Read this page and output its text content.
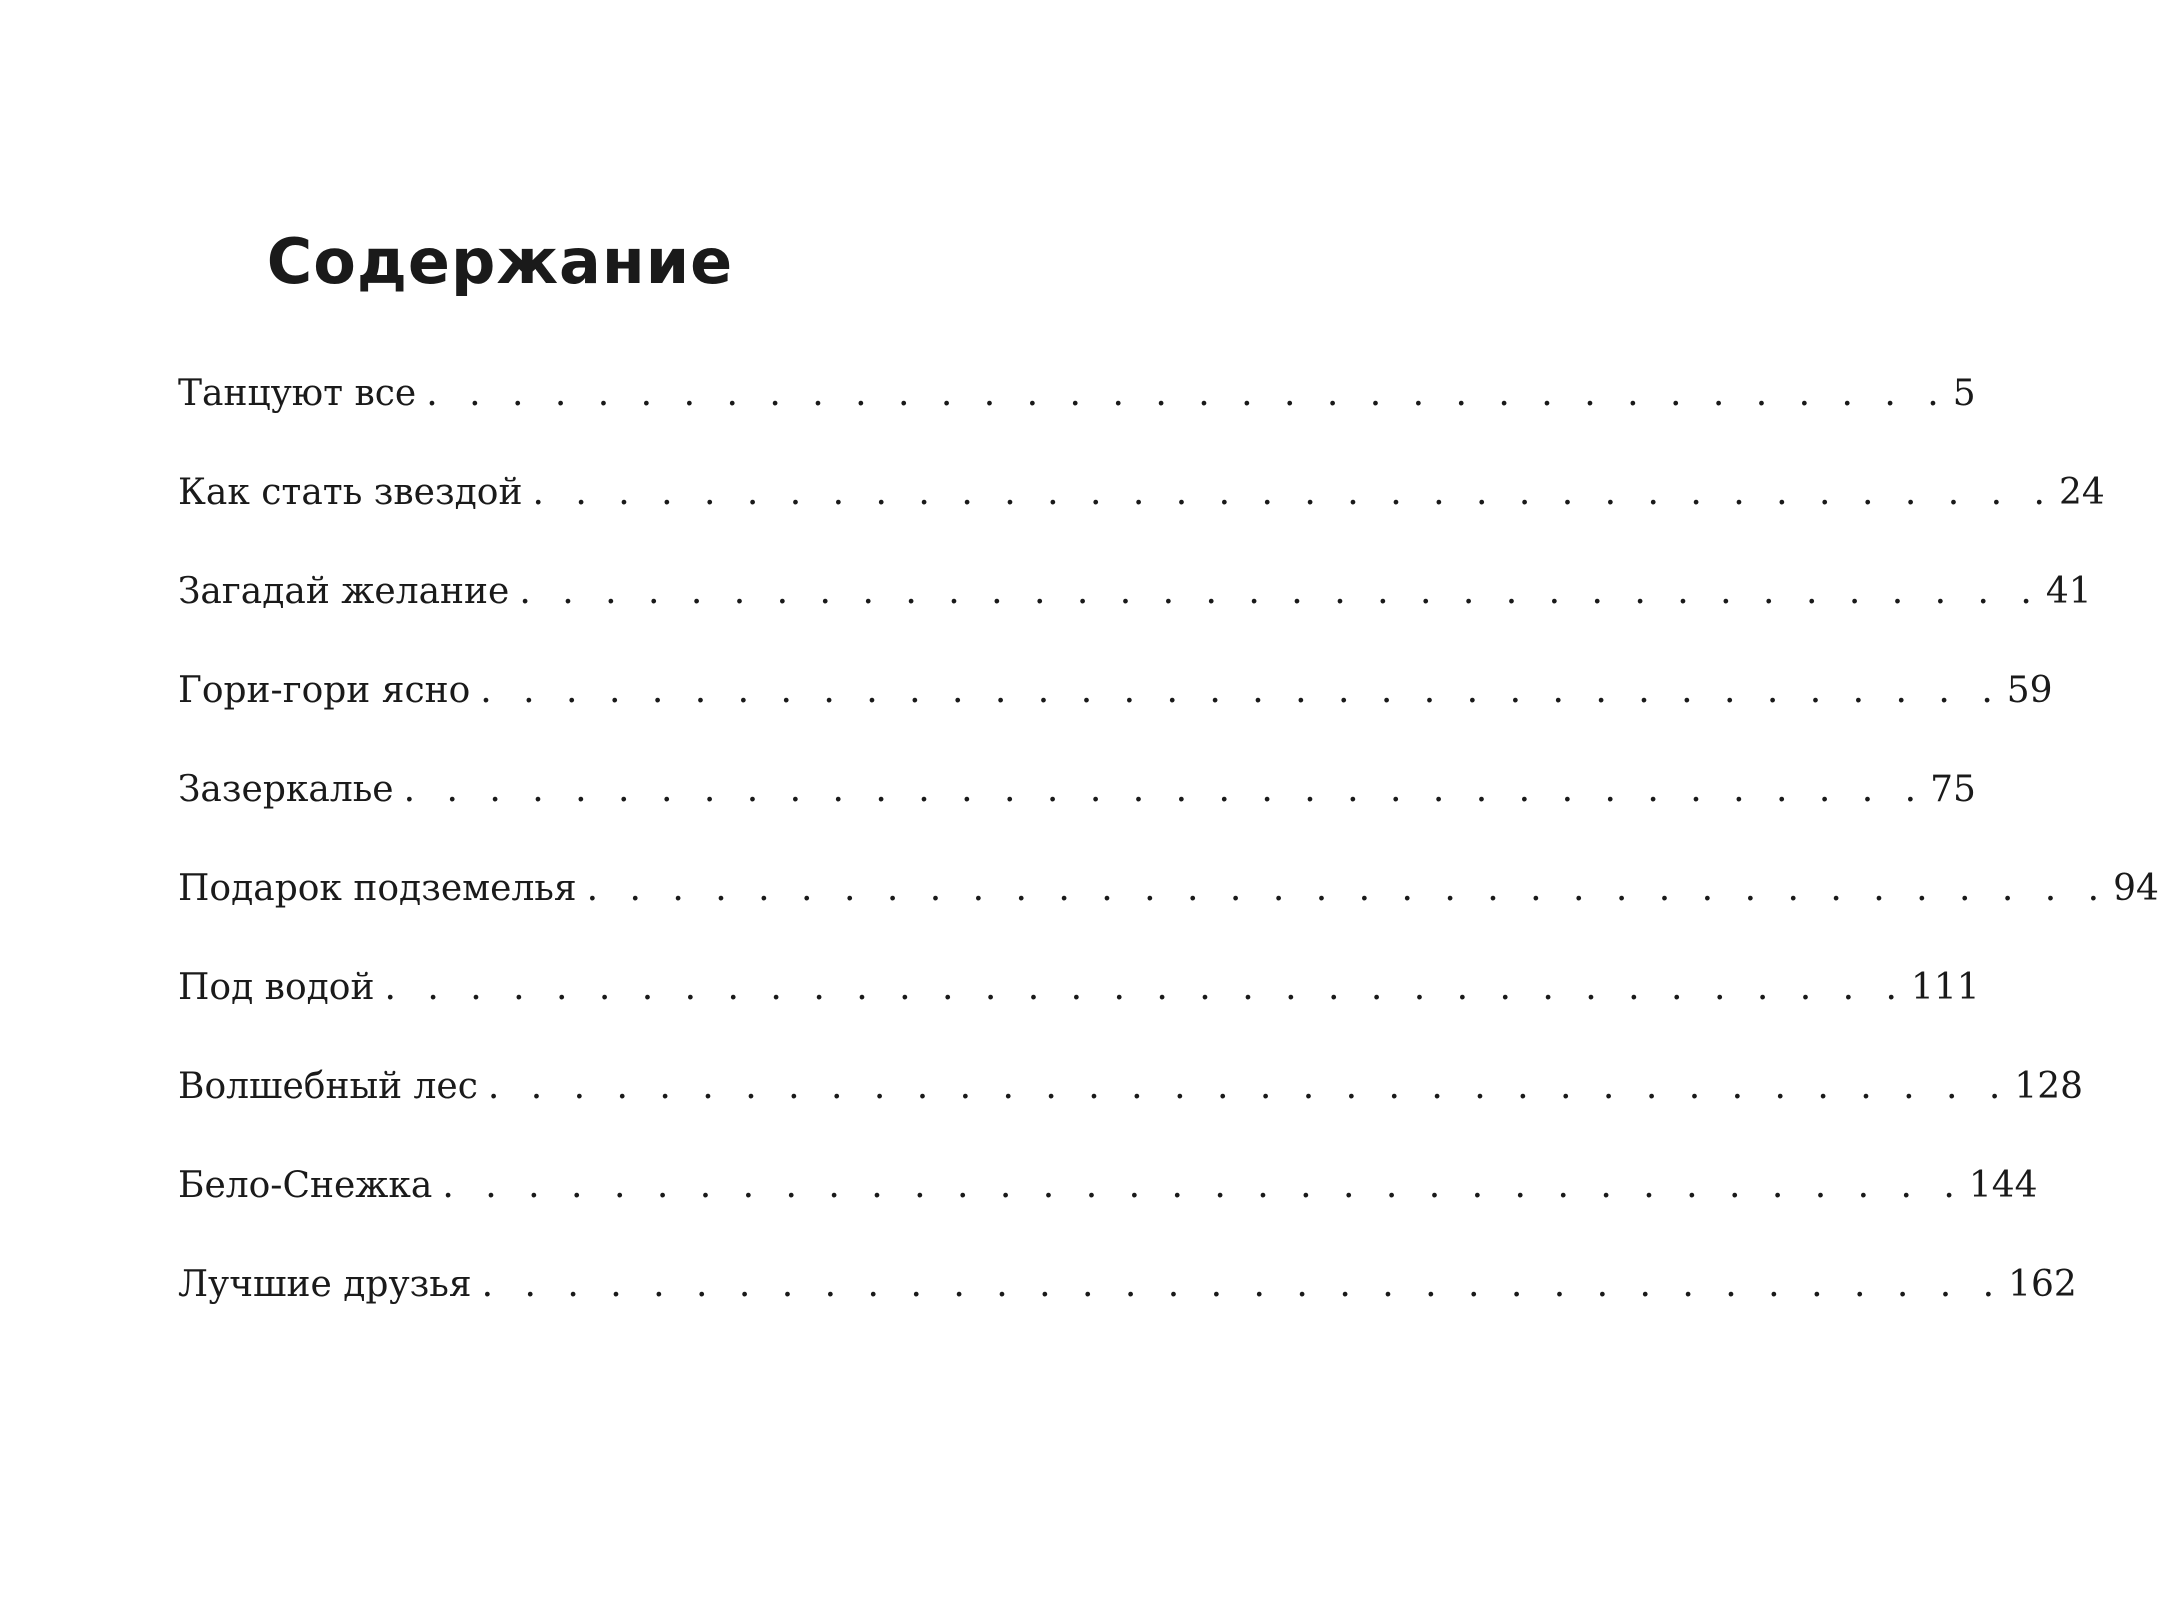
Содержание
Танцуют все . . . . . . . . . . . . . . . . . . . . . . . . . . . . . . . . . . . . 5
Как стать звездой . . . . . . . . . . . . . . . . . . . . . . . . . . . . . . . . . . . . 24
Загадай желание . . . . . . . . . . . . . . . . . . . . . . . . . . . . . . . . . . . . 41
Гори-гори ясно . . . . . . . . . . . . . . . . . . . . . . . . . . . . . . . . . . . . 59
Зазеркалье . . . . . . . . . . . . . . . . . . . . . . . . . . . . . . . . . . . . 75
Подарок подземелья . . . . . . . . . . . . . . . . . . . . . . . . . . . . . . . . . . . . 94
Под водой . . . . . . . . . . . . . . . . . . . . . . . . . . . . . . . . . . . . 111
Волшебный лес . . . . . . . . . . . . . . . . . . . . . . . . . . . . . . . . . . . . 128
Бело-Снежка . . . . . . . . . . . . . . . . . . . . . . . . . . . . . . . . . . . . 144
Лучшие друзья . . . . . . . . . . . . . . . . . . . . . . . . . . . . . . . . . . . . 162
